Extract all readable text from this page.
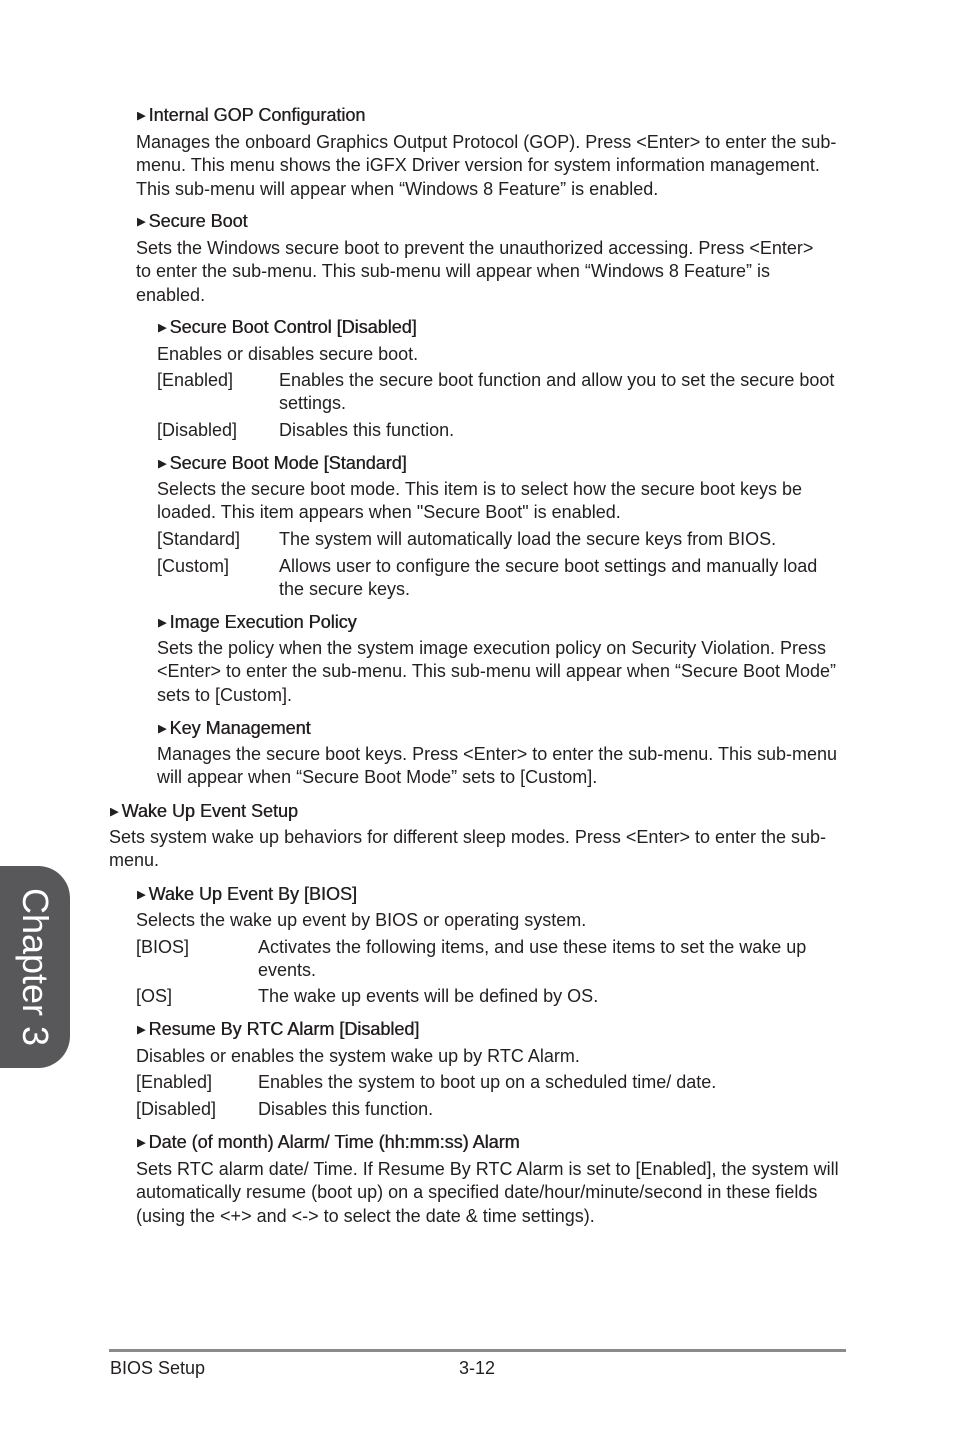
▶ Internal GOP Configuration
Manages the onboard Graphics Output Protocol (GOP). Press <Enter> to enter the sub-menu. This menu shows the iGFX Driver version for system information management. This sub-menu will appear when “Windows 8 Feature” is enabled.
▶ Secure Boot
Sets the Windows secure boot to prevent the unauthorized accessing. Press <Enter> to enter the sub-menu. This sub-menu will appear when “Windows 8 Feature” is enabled.
▶ Secure Boot Control [Disabled]
Enables or disables secure boot.
[Enabled]	Enables the secure boot function and allow you to set the secure boot settings.
[Disabled] Disables this function.
▶ Secure Boot Mode [Standard]
Selects the secure boot mode. This item is to select how the secure boot keys be loaded. This item appears when "Secure Boot" is enabled.
[Standard] The system will automatically load the secure keys from BIOS.
[Custom]	Allows user to configure the secure boot settings and manually load the secure keys.
▶ Image Execution Policy
Sets the policy when the system image execution policy on Security Violation. Press <Enter> to enter the sub-menu. This sub-menu will appear when “Secure Boot Mode” sets to [Custom].
▶ Key Management
Manages the secure boot keys. Press <Enter> to enter the sub-menu. This sub-menu will appear when “Secure Boot Mode” sets to [Custom].
▶ Wake Up Event Setup
Sets system wake up behaviors for different sleep modes. Press <Enter> to enter the sub-menu.
▶ Wake Up Event By [BIOS]
Selects the wake up event by BIOS or operating system.
[BIOS]	Activates the following items, and use these items to set the wake up events.
[OS]	The wake up events will be defined by OS.
▶ Resume By RTC Alarm [Disabled]
Disables or enables the system wake up by RTC Alarm.
[Enabled]	Enables the system to boot up on a scheduled time/ date.
[Disabled] Disables this function.
▶ Date (of month) Alarm/ Time (hh:mm:ss) Alarm
Sets RTC alarm date/ Time. If Resume By RTC Alarm is set to [Enabled], the system will automatically resume (boot up) on a specified date/hour/minute/second in these fields (using the <+> and <-> to select the date & time settings).
Chapter 3
BIOS Setup	3-12
